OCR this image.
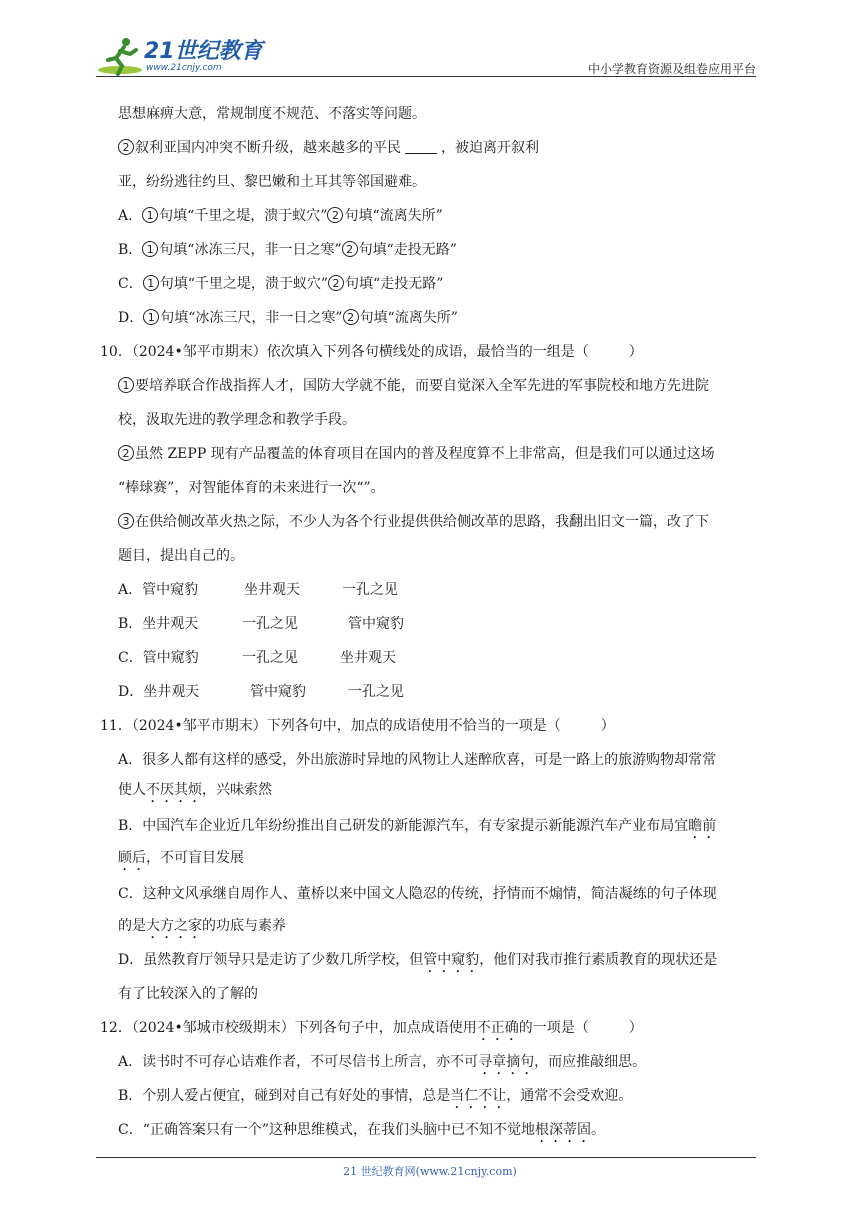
21世纪教育
www.21cnjy.com	中小学教育资源及组卷应用平台
思想麻痹大意，常规制度不规范、不落实等问题。
2 叙利亚国内冲突不断升级，越来越多的平民	，被迫离开叙利
亚，纷纷逃往约旦、黎巴嫩和土耳其等邻国避难。
A． 1 句填“千里之堤，溃于蚁穴” 2 句填“流离失所”
B． 1 句填“冰冻三尺，非一日之寒” 2 句填“走投无路”
C． 1 句填“千里之堤，溃于蚁穴” 2 句填“走投无路”
D． 1 句填“冰冻三尺，非一日之寒” 2 句填“流离失所”
10．（2024•邹平市期末）依次填入下列各句横线处的成语，最恰当的一组是（	）
1 要培养联合作战指挥人才，国防大学就不能，而要自觉深入全军先进的军事院校和地方先进院
校，汲取先进的教学理念和教学手段。
2 虽然 ZEPP 现有产品覆盖的体育项目在国内的普及程度算不上非常高，但是我们可以通过这场
“棒球赛”，对智能体育的未来进行一次“”。
3 在供给侧改革火热之际，不少人为各个行业提供供给侧改革的思路，我翻出旧文一篇，改了下
题目，提出自己的。
A．管中窥豹	坐井观天	一孔之见
B．坐井观天	一孔之见	管中窥豹
C．管中窥豹	一孔之见	坐井观天
D．坐井观天	管中窥豹	一孔之见
11．（2024•邹平市期末）下列各句中，加点的成语使用不恰当的一项是（	）
A．很多人都有这样的感受，外出旅游时异地的风物让人迷醉欣喜，可是一路上的旅游购物却常常
使人不厌其烦，兴味索然
B．中国汽车企业近几年纷纷推出自己研发的新能源汽车，有专家提示新能源汽车产业布局宜瞻前
顾后，不可盲目发展
C．这种文风承继自周作人、董桥以来中国文人隐忍的传统，抒情而不煽情，简洁凝练的句子体现
的是大方之家的功底与素养
D．虽然教育厅领导只是走访了少数几所学校，但管中窥豹，他们对我市推行素质教育的现状还是
有了比较深入的了解的
12．（2024•邹城市校级期末）下列各句子中，加点成语使用不正确的一项是（	）
A．读书时不可存心诘难作者，不可尽信书上所言，亦不可寻章摘句，而应推敲细思。
B．个别人爱占便宜，碰到对自己有好处的事情，总是当仁不让，通常不会受欢迎。
C．“正确答案只有一个”这种思维模式，在我们头脑中已不知不觉地根深蒂固。
21 世纪教育网(www.21cnjy.com)
